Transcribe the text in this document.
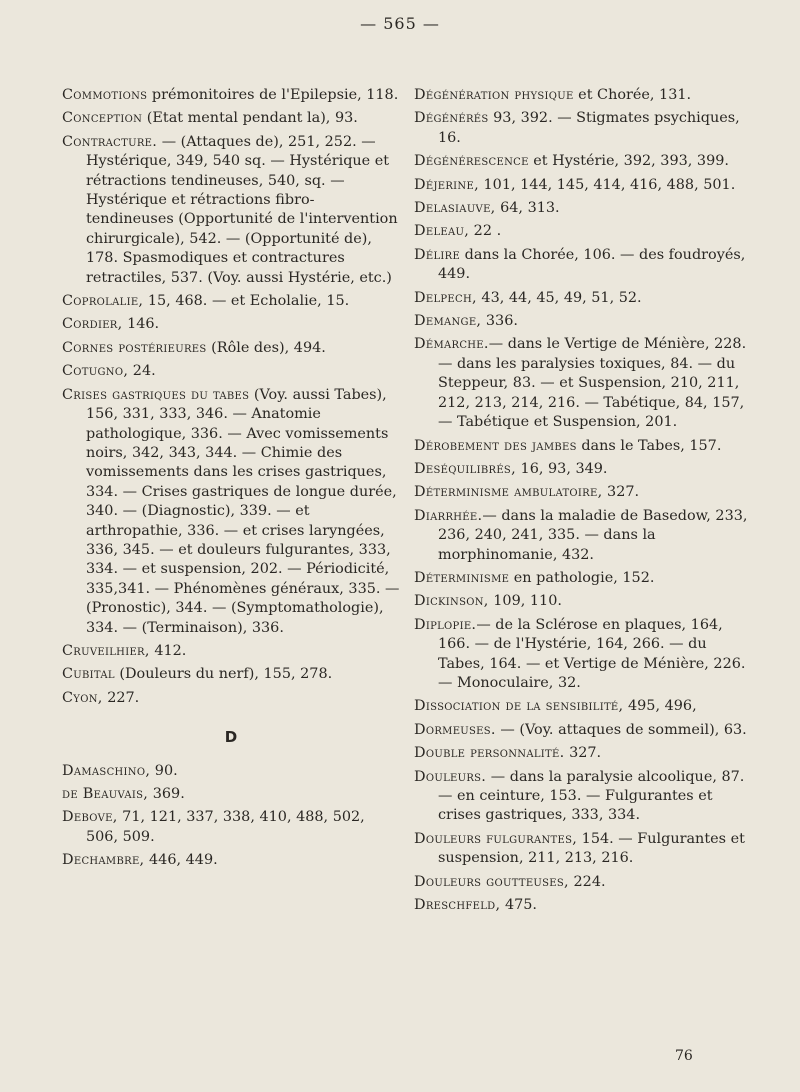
— 565 —

Commotions prémonitoires de l'Epilepsie, 118.

Conception (Etat mental pendant la), 93.

Contracture. — (Attaques de), 251, 252. — Hystérique, 349, 540 sq. — Hystérique et rétractions tendineuses, 540, sq. — Hystérique et rétractions fibro-tendineuses (Opportunité de l'intervention chirurgicale), 542. — (Opportunité de), 178. Spasmodiques et contractures retractiles, 537. (Voy. aussi Hystérie, etc.)

Coprolalie, 15, 468. — et Echolalie, 15.

Cordier, 146.

Cornes postérieures (Rôle des), 494.

Cotugno, 24.

Crises gastriques du tabes (Voy. aussi Tabes), 156, 331, 333, 346. — Anatomie pathologique, 336. — Avec vomissements noirs, 342, 343, 344. — Chimie des vomissements dans les crises gastriques, 334. — Crises gastriques de longue durée, 340. — (Diagnostic), 339. — et arthropathie, 336. — et crises laryngées, 336, 345. — et douleurs fulgurantes, 333, 334. — et suspension, 202. — Périodicité, 335,341. — Phénomènes généraux, 335. — (Pronostic), 344. — (Symptomathologie), 334. — (Terminaison), 336.

Cruveilhier, 412.

Cubital (Douleurs du nerf), 155, 278.

Cyon, 227.

D

Damaschino, 90.

de Beauvais, 369.

Debove, 71, 121, 337, 338, 410, 488, 502, 506, 509.

Dechambre, 446, 449.

Dégénération physique et Chorée, 131.

Dégénérés 93, 392. — Stigmates psychiques, 16.

Dégénérescence et Hystérie, 392, 393, 399.

Déjerine, 101, 144, 145, 414, 416, 488, 501.

Delasiauve, 64, 313.

Deleau, 22 .

Délire dans la Chorée, 106. — des foudroyés, 449.

Delpech, 43, 44, 45, 49, 51, 52.

Demange, 336.

Démarche.— dans le Vertige de Ménière, 228. — dans les paralysies toxiques, 84. — du Steppeur, 83. — et Suspension, 210, 211, 212, 213, 214, 216. — Tabétique, 84, 157, — Tabétique et Suspension, 201.

Dérobement des jambes dans le Tabes, 157.

Deséquilibrés, 16, 93, 349.

Déterminisme ambulatoire, 327.

Diarrhée.— dans la maladie de Basedow, 233, 236, 240, 241, 335. — dans la morphinomanie, 432.

Déterminisme en pathologie, 152.

Dickinson, 109, 110.

Diplopie.— de la Sclérose en plaques, 164, 166. — de l'Hystérie, 164, 266. — du Tabes, 164. — et Vertige de Ménière, 226. — Monoculaire, 32.

Dissociation de la sensibilité, 495, 496,

Dormeuses. — (Voy. attaques de sommeil), 63.

Double personnalité. 327.

Douleurs. — dans la paralysie alcoolique, 87. — en ceinture, 153. — Fulgurantes et crises gastriques, 333, 334.

Douleurs fulgurantes, 154. — Fulgurantes et suspension, 211, 213, 216.

Douleurs goutteuses, 224.

Dreschfeld, 475.

76
